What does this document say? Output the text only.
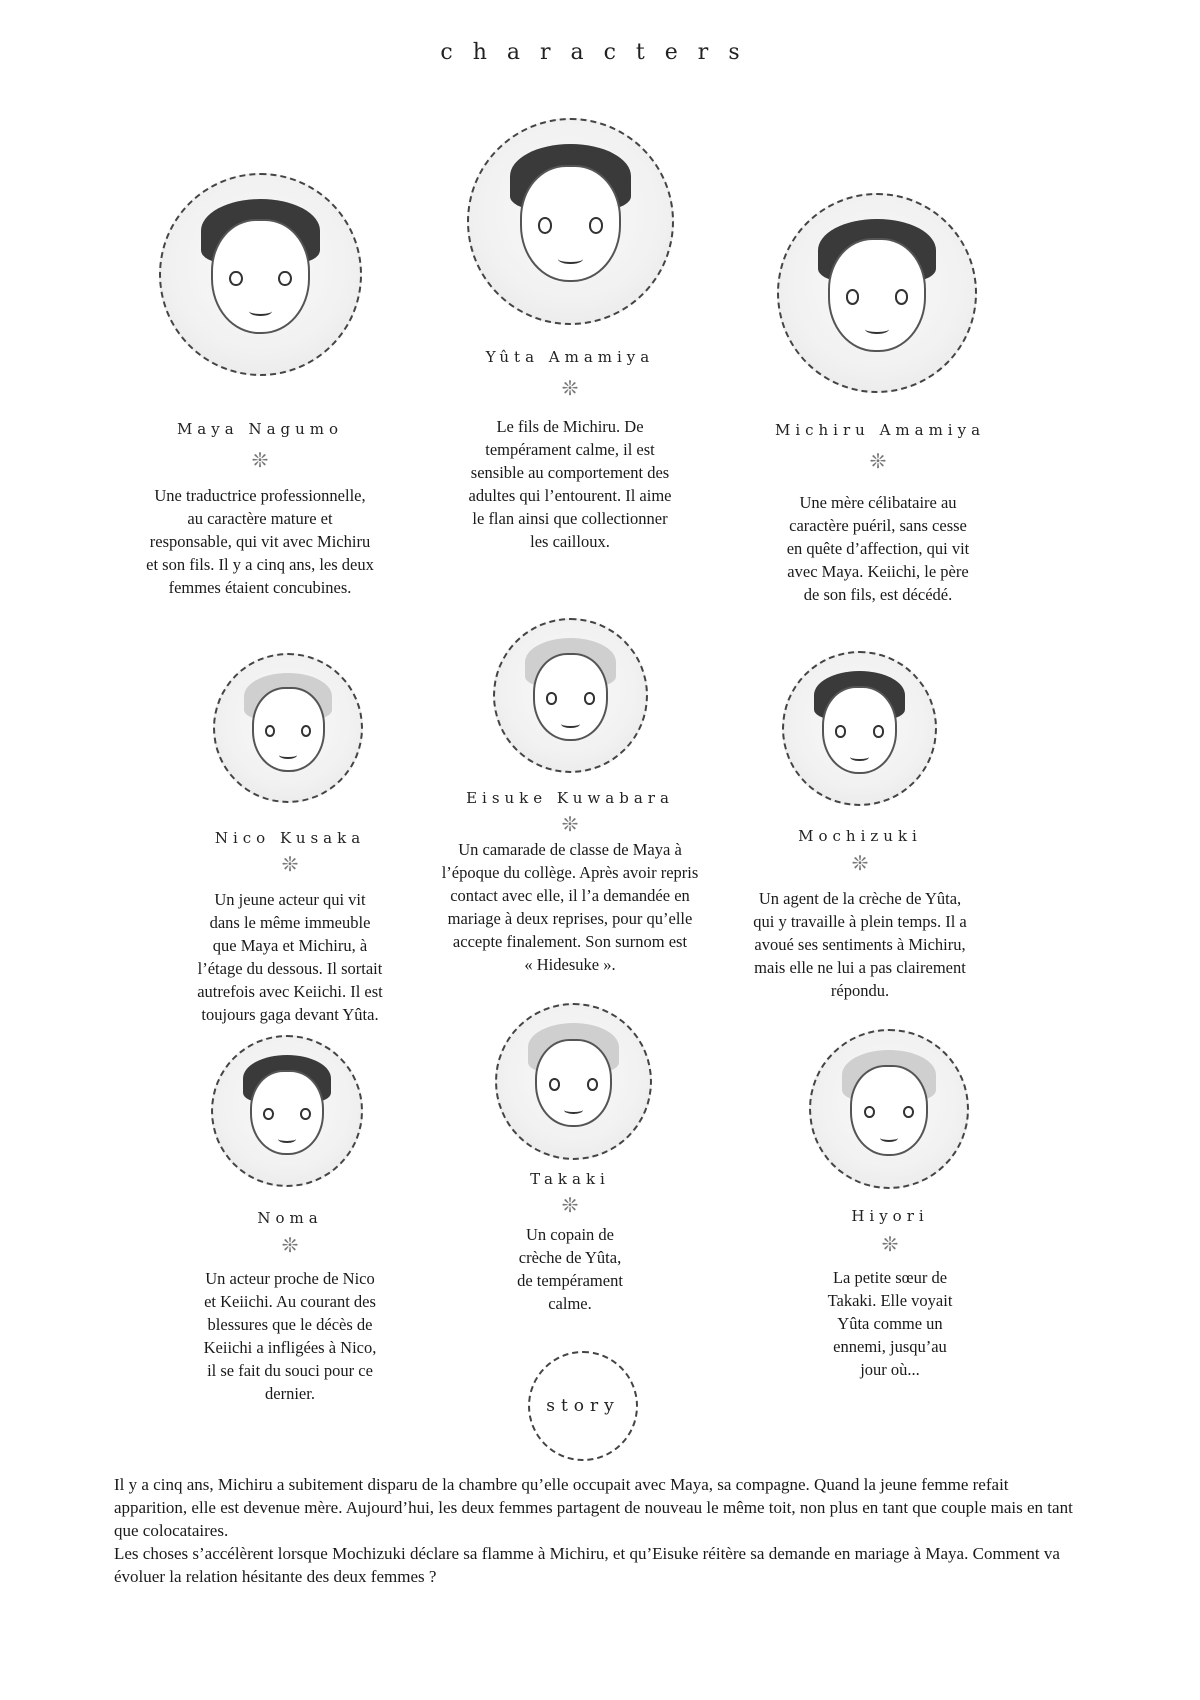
characters
Maya Nagumo
❊
Une traductrice professionnelle,
au caractère mature et
responsable, qui vit avec Michiru
et son fils. Il y a cinq ans, les deux
femmes étaient concubines.
Yûta Amamiya
❊
Le fils de Michiru. De
tempérament calme, il est
sensible au comportement des
adultes qui l’entourent. Il aime
le flan ainsi que collectionner
les cailloux.
Michiru Amamiya
❊
Une mère célibataire au
caractère puéril, sans cesse
en quête d’affection, qui vit
avec Maya. Keiichi, le père
de son fils, est décédé.
Nico Kusaka
❊
Un jeune acteur qui vit
dans le même immeuble
que Maya et Michiru, à
l’étage du dessous. Il sortait
autrefois avec Keiichi. Il est
toujours gaga devant Yûta.
Eisuke Kuwabara
❊
Un camarade de classe de Maya à
l’époque du collège. Après avoir repris
contact avec elle, il l’a demandée en
mariage à deux reprises, pour qu’elle
accepte finalement. Son surnom est
« Hidesuke ».
Mochizuki
❊
Un agent de la crèche de Yûta,
qui y travaille à plein temps. Il a
avoué ses sentiments à Michiru,
mais elle ne lui a pas clairement
répondu.
Noma
❊
Un acteur proche de Nico
et Keiichi. Au courant des
blessures que le décès de
Keiichi a infligées à Nico,
il se fait du souci pour ce
dernier.
Takaki
❊
Un copain de
crèche de Yûta,
de tempérament
calme.
Hiyori
❊
La petite sœur de
Takaki. Elle voyait
Yûta comme un
ennemi, jusqu’au
jour où...
story

Il y a cinq ans, Michiru a subitement disparu de la chambre qu’elle occupait avec Maya, sa compagne. Quand la jeune femme refait apparition, elle est devenue mère. Aujourd’hui, les deux femmes partagent de nouveau le même toit, non plus en tant que couple mais en tant que colocataires.

Les choses s’accélèrent lorsque Mochizuki déclare sa flamme à Michiru, et qu’Eisuke réitère sa demande en mariage à Maya. Comment va évoluer la relation hésitante des deux femmes ?
